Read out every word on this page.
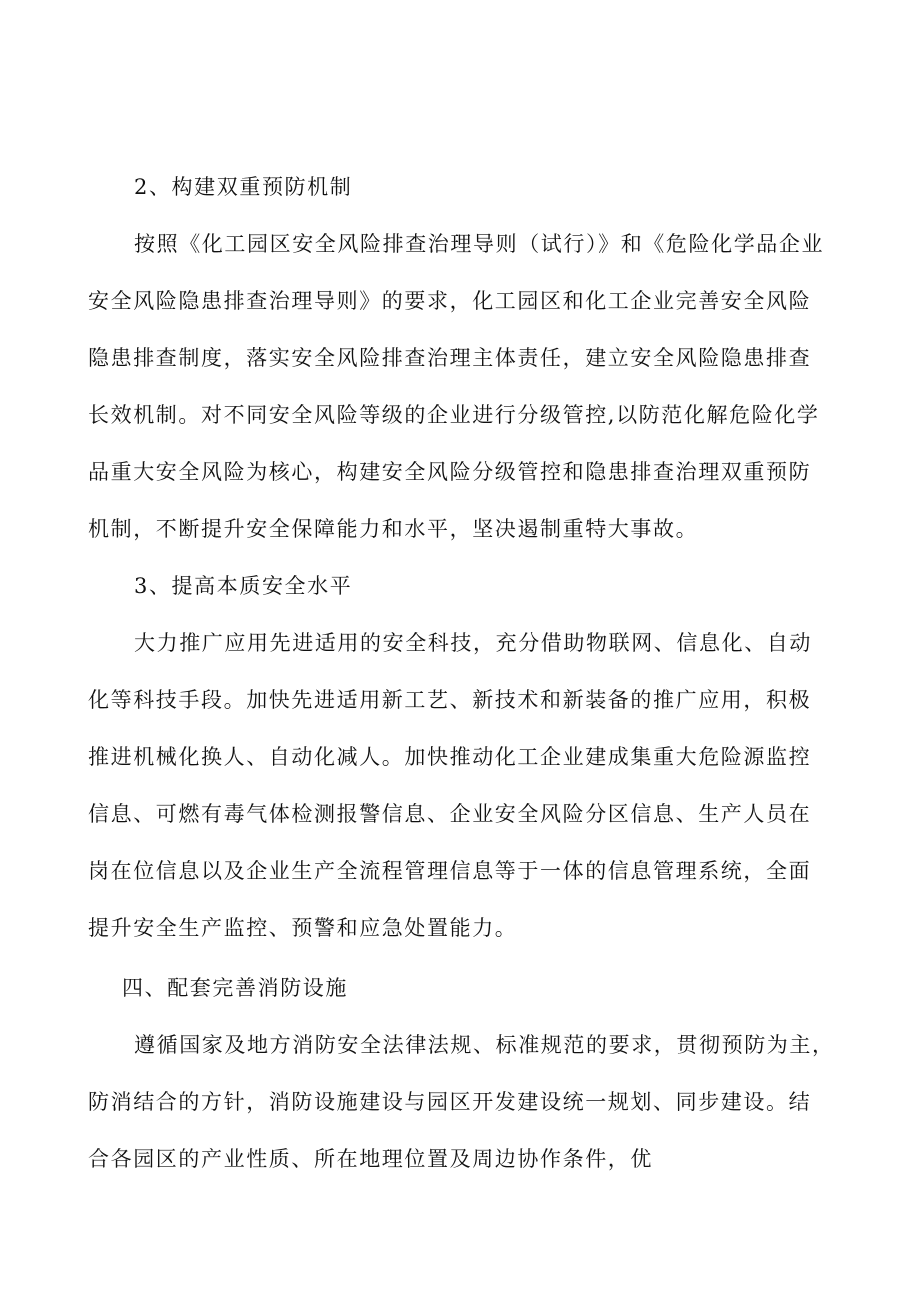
2、构建双重预防机制
按照《化工园区安全风险排查治理导则（试行）》和《危险化学品企业
安全风险隐患排查治理导则》的要求，化工园区和化工企业完善安全风险
隐患排查制度，落实安全风险排查治理主体责任，建立安全风险隐患排查
长效机制。对不同安全风险等级的企业进行分级管控,以防范化解危险化学
品重大安全风险为核心，构建安全风险分级管控和隐患排查治理双重预防
机制，不断提升安全保障能力和水平，坚决遏制重特大事故。
3、提高本质安全水平
大力推广应用先进适用的安全科技，充分借助物联网、信息化、自动
化等科技手段。加快先进适用新工艺、新技术和新装备的推广应用，积极
推进机械化换人、自动化减人。加快推动化工企业建成集重大危险源监控
信息、可燃有毒气体检测报警信息、企业安全风险分区信息、生产人员在
岗在位信息以及企业生产全流程管理信息等于一体的信息管理系统，全面
提升安全生产监控、预警和应急处置能力。
四、配套完善消防设施
遵循国家及地方消防安全法律法规、标准规范的要求，贯彻预防为主，
防消结合的方针，消防设施建设与园区开发建设统一规划、同步建设。结
合各园区的产业性质、所在地理位置及周边协作条件，优
